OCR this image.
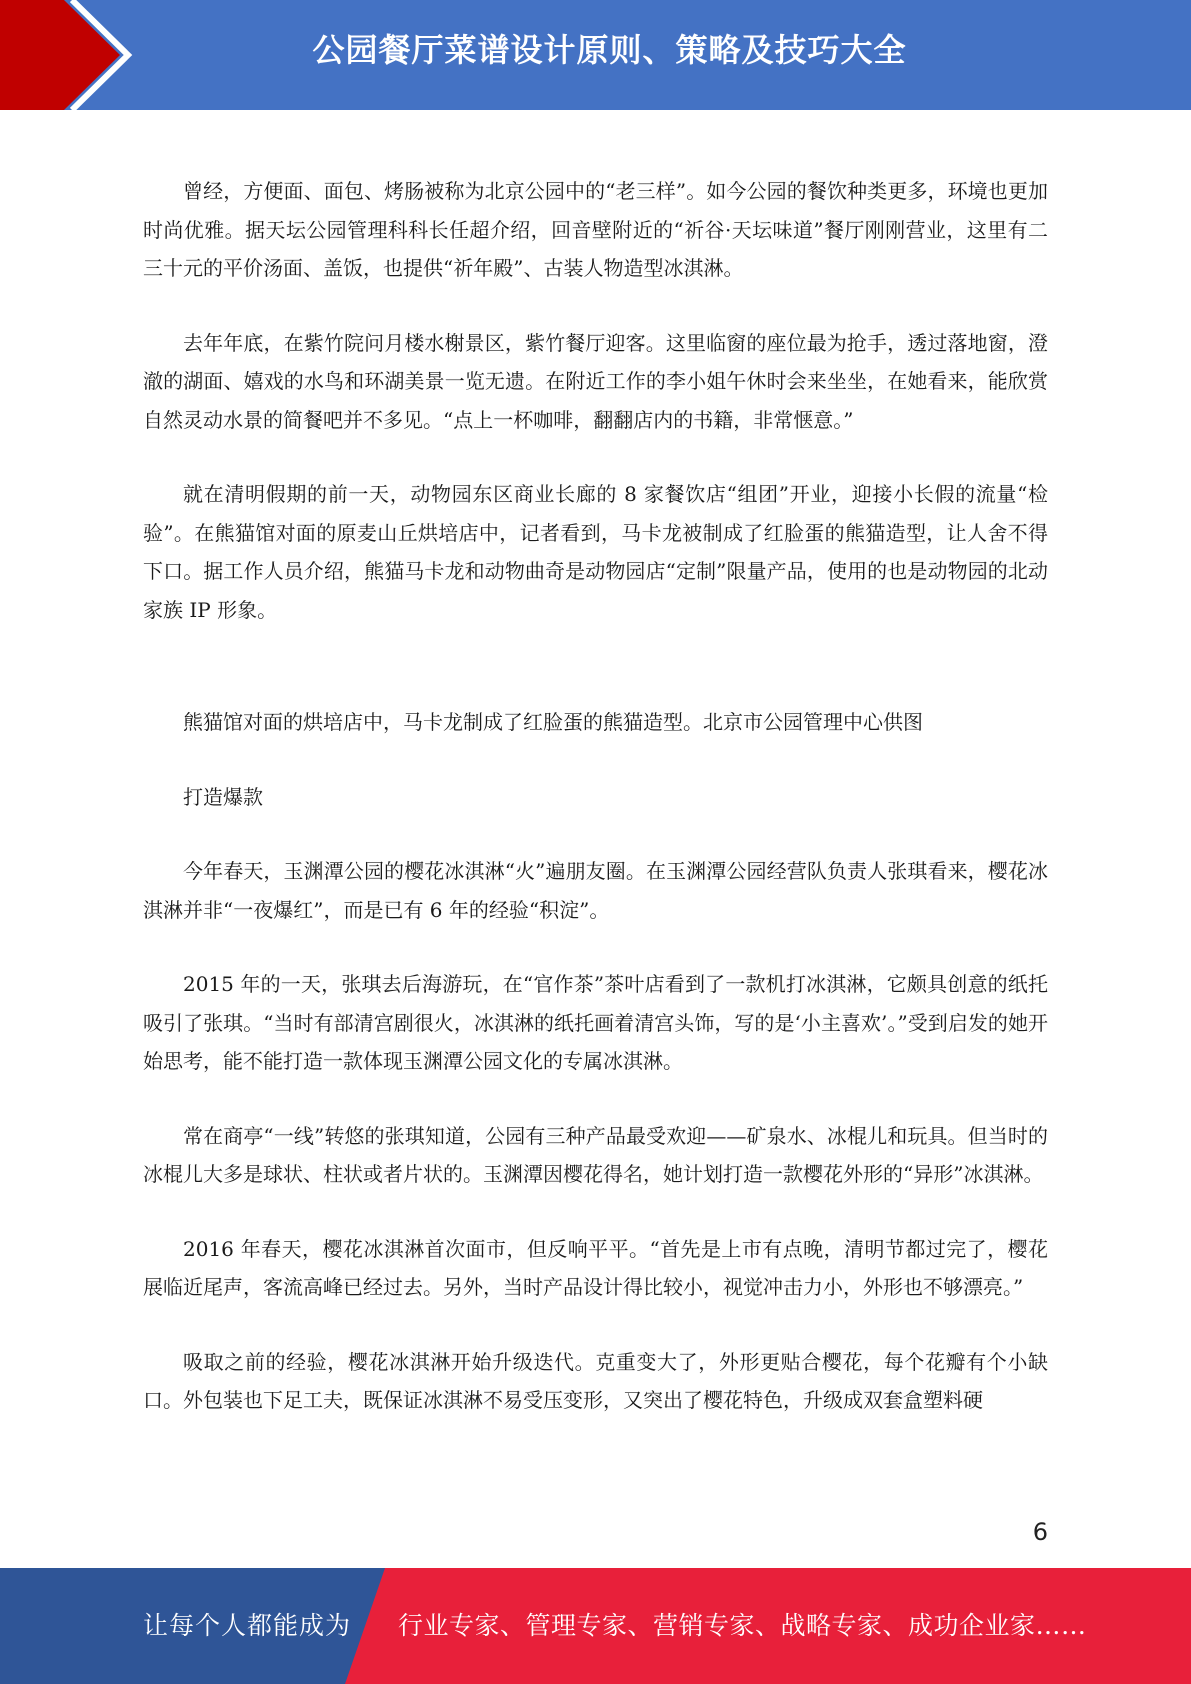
公园餐厅菜谱设计原则、策略及技巧大全

曾经，方便面、面包、烤肠被称为北京公园中的“老三样”。如今公园的餐饮种类更多，环境也更加时尚优雅。据天坛公园管理科科长任超介绍，回音壁附近的“祈谷·天坛味道”餐厅刚刚营业，这里有二三十元的平价汤面、盖饭，也提供“祈年殿”、古装人物造型冰淇淋。

去年年底，在紫竹院问月楼水榭景区，紫竹餐厅迎客。这里临窗的座位最为抢手，透过落地窗，澄澈的湖面、嬉戏的水鸟和环湖美景一览无遗。在附近工作的李小姐午休时会来坐坐，在她看来，能欣赏自然灵动水景的简餐吧并不多见。“点上一杯咖啡，翻翻店内的书籍，非常惬意。”

就在清明假期的前一天，动物园东区商业长廊的 8 家餐饮店“组团”开业，迎接小长假的流量“检验”。在熊猫馆对面的原麦山丘烘培店中，记者看到，马卡龙被制成了红脸蛋的熊猫造型，让人舍不得下口。据工作人员介绍，熊猫马卡龙和动物曲奇是动物园店“定制”限量产品，使用的也是动物园的北动家族 IP 形象。

熊猫馆对面的烘培店中，马卡龙制成了红脸蛋的熊猫造型。北京市公园管理中心供图

打造爆款

今年春天，玉渊潭公园的樱花冰淇淋“火”遍朋友圈。在玉渊潭公园经营队负责人张琪看来，樱花冰淇淋并非“一夜爆红”，而是已有 6 年的经验“积淀”。

2015 年的一天，张琪去后海游玩，在“官作茶”茶叶店看到了一款机打冰淇淋，它颇具创意的纸托吸引了张琪。“当时有部清宫剧很火，冰淇淋的纸托画着清宫头饰，写的是‘小主喜欢’。”受到启发的她开始思考，能不能打造一款体现玉渊潭公园文化的专属冰淇淋。

常在商亭“一线”转悠的张琪知道，公园有三种产品最受欢迎——矿泉水、冰棍儿和玩具。但当时的冰棍儿大多是球状、柱状或者片状的。玉渊潭因樱花得名，她计划打造一款樱花外形的“异形”冰淇淋。

2016 年春天，樱花冰淇淋首次面市，但反响平平。“首先是上市有点晚，清明节都过完了，樱花展临近尾声，客流高峰已经过去。另外，当时产品设计得比较小，视觉冲击力小，外形也不够漂亮。”

吸取之前的经验，樱花冰淇淋开始升级迭代。克重变大了，外形更贴合樱花，每个花瓣有个小缺口。外包装也下足工夫，既保证冰淇淋不易受压变形，又突出了樱花特色，升级成双套盒塑料硬

6
让每个人都能成为 行业专家、管理专家、营销专家、战略专家、成功企业家……
